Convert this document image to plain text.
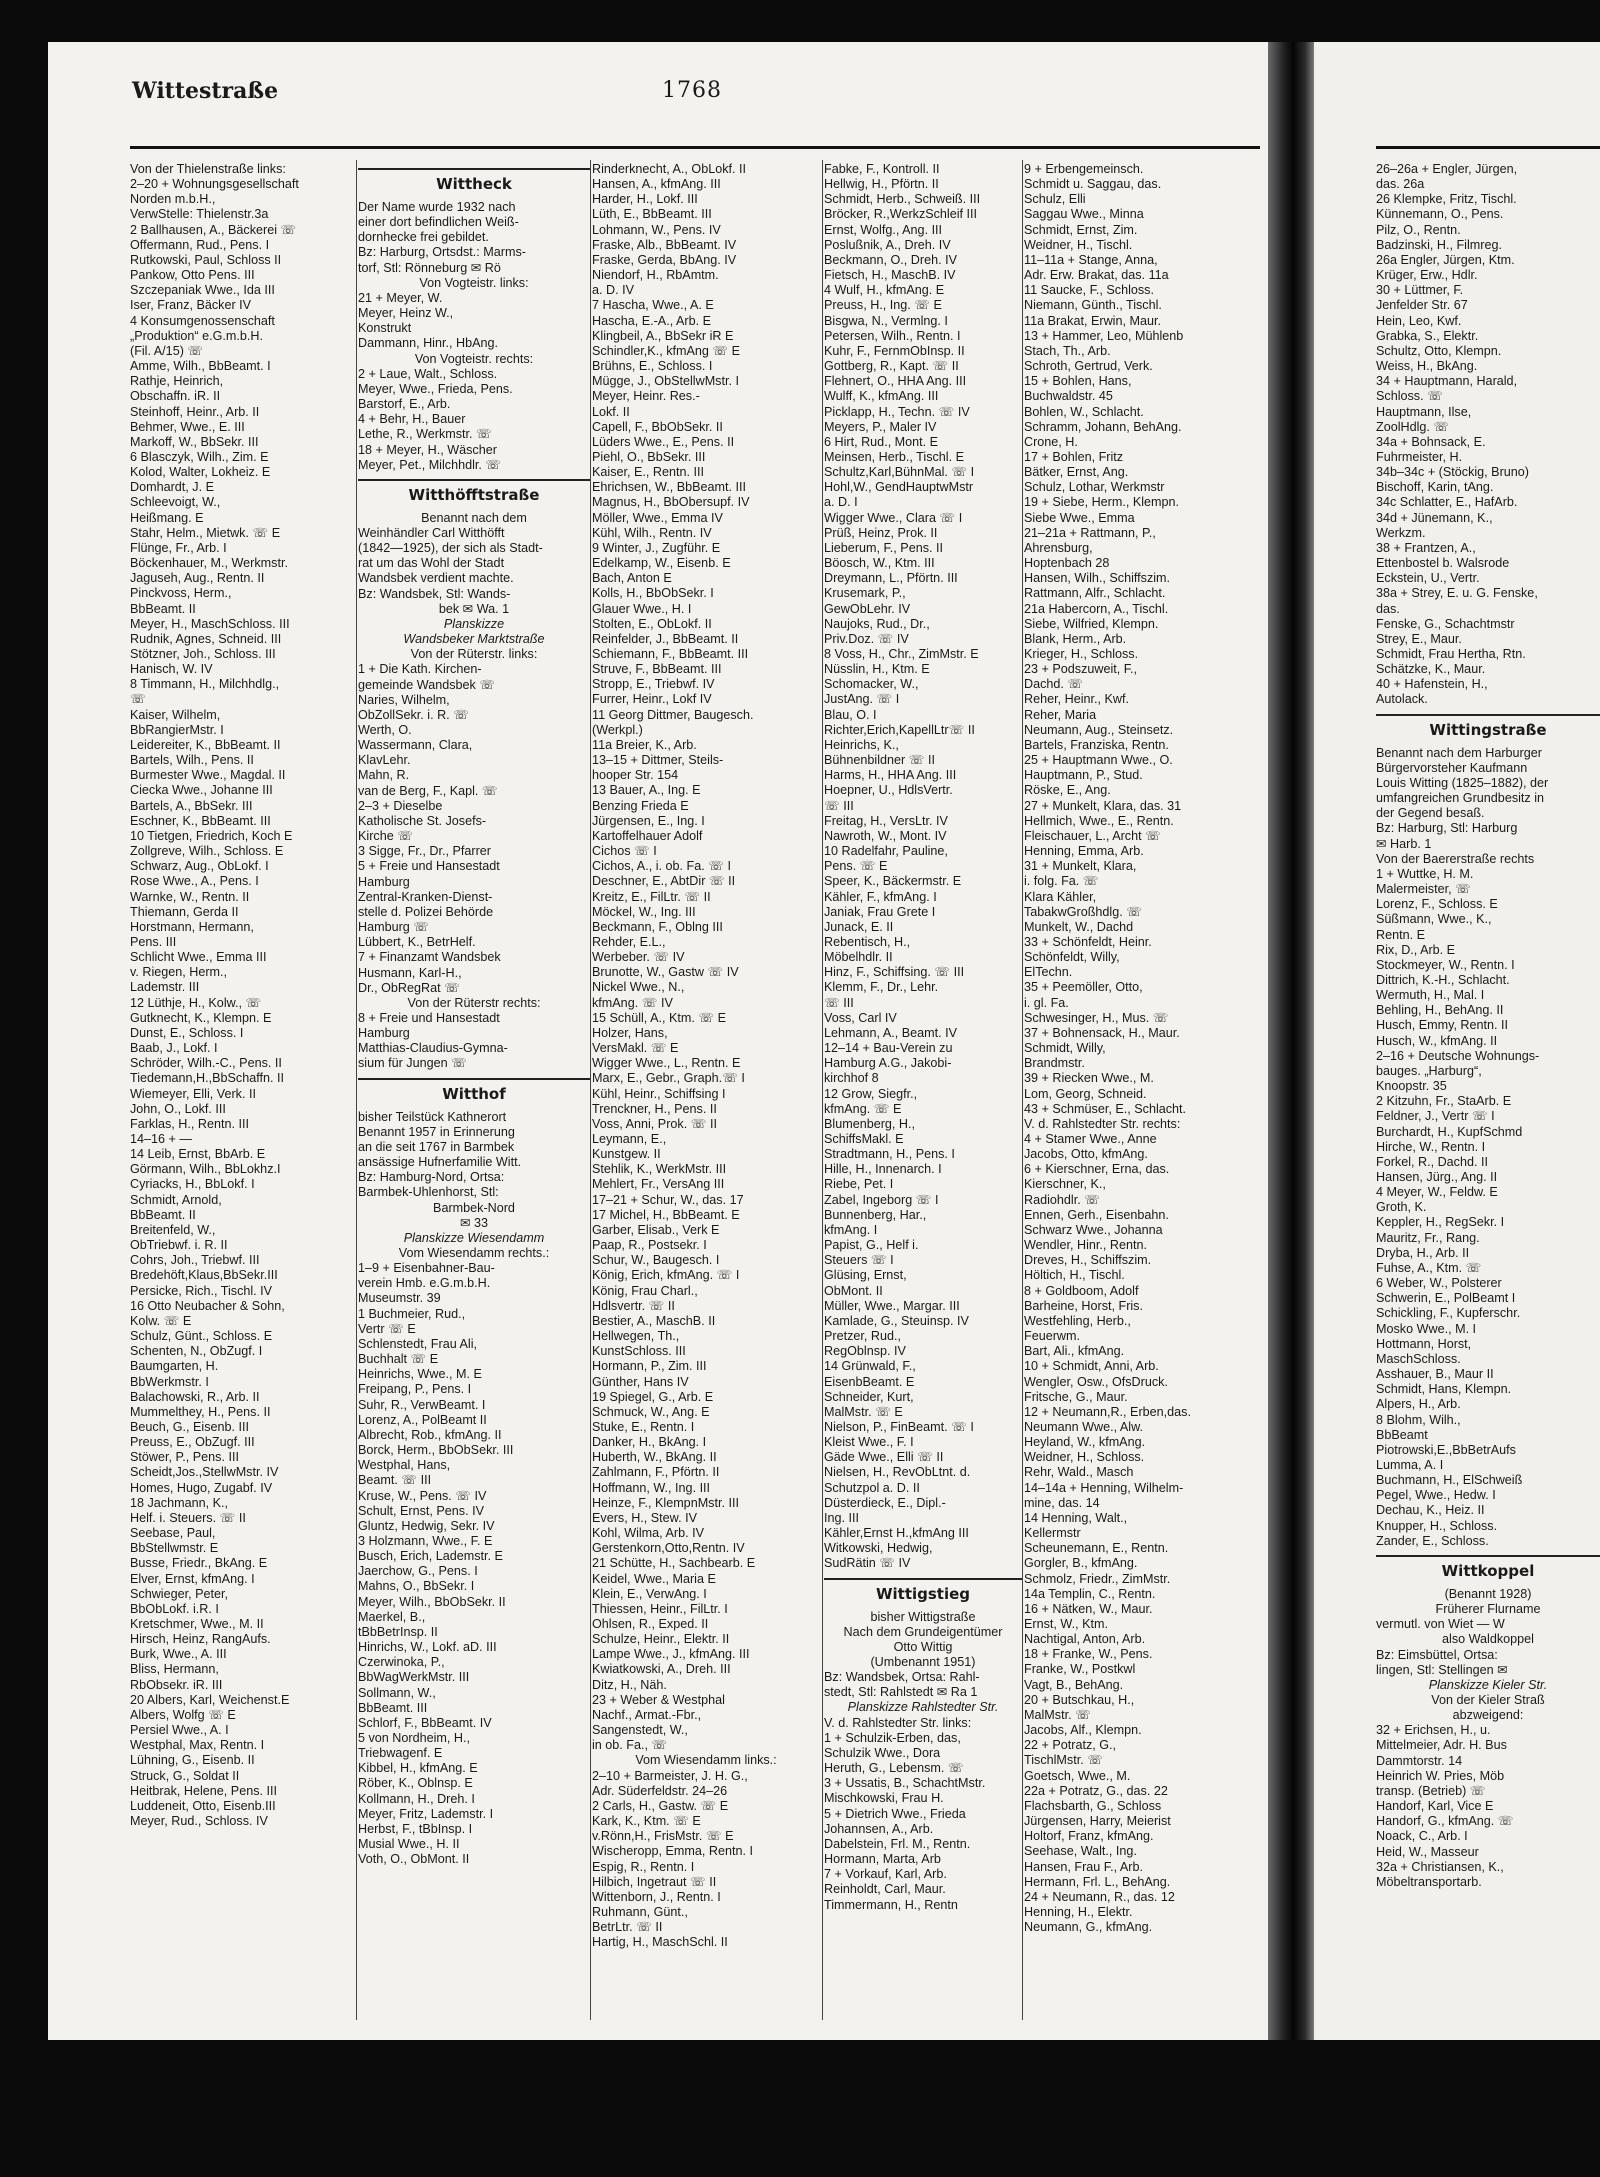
Wittestraße	1768

Von der Thielenstraße links:

2–20 + Wohnungsgesellschaft

Norden m.b.H.,

VerwStelle: Thielenstr.3a

2 Ballhausen, A., Bäckerei ☏

Offermann, Rud., Pens. I

Rutkowski, Paul, Schloss II

Pankow, Otto Pens. III

Szczepaniak Wwe., Ida III

Iser, Franz, Bäcker IV

4 Konsumgenossenschaft

„Produktion“ e.G.m.b.H.

(Fil. A/15) ☏

Amme, Wilh., BbBeamt. I

Rathje, Heinrich,

Obschaffn. iR. II

Steinhoff, Heinr., Arb. II

Behmer, Wwe., E. III

Markoff, W., BbSekr. III

6 Blasczyk, Wilh., Zim. E

Kolod, Walter, Lokheiz. E

Domhardt, J. E

Schleevoigt, W.,

Heißmang. E

Stahr, Helm., Mietwk. ☏ E

Flünge, Fr., Arb. I

Böckenhauer, M., Werkmstr.

Jaguseh, Aug., Rentn. II

Pinckvoss, Herm.,

BbBeamt. II

Meyer, H., MaschSchloss. III

Rudnik, Agnes, Schneid. III

Stötzner, Joh., Schloss. III

Hanisch, W. IV

8 Timmann, H., Milchhdlg.,

☏

Kaiser, Wilhelm,

BbRangierMstr. I

Leidereiter, K., BbBeamt. II

Bartels, Wilh., Pens. II

Burmester Wwe., Magdal. II

Ciecka Wwe., Johanne III

Bartels, A., BbSekr. III

Eschner, K., BbBeamt. III

10 Tietgen, Friedrich, Koch E

Zollgreve, Wilh., Schloss. E

Schwarz, Aug., ObLokf. I

Rose Wwe., A., Pens. I

Warnke, W., Rentn. II

Thiemann, Gerda II

Horstmann, Hermann,

Pens. III

Schlicht Wwe., Emma III

v. Riegen, Herm.,

Lademstr. III

12 Lüthje, H., Kolw., ☏

Gutknecht, K., Klempn. E

Dunst, E., Schloss. I

Baab, J., Lokf. I

Schröder, Wilh.-C., Pens. II

Tiedemann,H.,BbSchaffn. II

Wiemeyer, Elli, Verk. II

John, O., Lokf. III

Farklas, H., Rentn. III

14–16 + —

14 Leib, Ernst, BbArb. E

Görmann, Wilh., BbLokhz.I

Cyriacks, H., BbLokf. I

Schmidt, Arnold,

BbBeamt. II

Breitenfeld, W.,

ObTriebwf. i. R. II

Cohrs, Joh., Triebwf. III

Bredehöft,Klaus,BbSekr.III

Persicke, Rich., Tischl. IV

16 Otto Neubacher & Sohn,

Kolw. ☏ E

Schulz, Günt., Schloss. E

Schenten, N., ObZugf. I

Baumgarten, H.

BbWerkmstr. I

Balachowski, R., Arb. II

Mummelthey, H., Pens. II

Beuch, G., Eisenb. III

Preuss, E., ObZugf. III

Stöwer, P., Pens. III

Scheidt,Jos.,StellwMstr. IV

Homes, Hugo, Zugabf. IV

18 Jachmann, K.,

Helf. i. Steuers. ☏ II

Seebase, Paul,

BbStellwmstr. E

Busse, Friedr., BkAng. E

Elver, Ernst, kfmAng. I

Schwieger, Peter,

BbObLokf. i.R. I

Kretschmer, Wwe., M. II

Hirsch, Heinz, RangAufs.

Burk, Wwe., A. III

Bliss, Hermann,

RbObsekr. iR. III

20 Albers, Karl, Weichenst.E

Albers, Wolfg ☏ E

Persiel Wwe., A. I

Westphal, Max, Rentn. I

Lühning, G., Eisenb. II

Struck, G., Soldat II

Heitbrak, Helene, Pens. III

Luddeneit, Otto, Eisenb.III

Meyer, Rud., Schloss. IV

Wittheck

Der Name wurde 1932 nach

einer dort befindlichen Weiß-

dornhecke frei gebildet.

Bz: Harburg, Ortsdst.: Marms-

torf, Stl: Rönneburg ✉ Rö

Von Vogteistr. links:

21 + Meyer, W.

Meyer, Heinz W.,

Konstrukt

Dammann, Hinr., HbAng.

Von Vogteistr. rechts:

2 + Laue, Walt., Schloss.

Meyer, Wwe., Frieda, Pens.

Barstorf, E., Arb.

4 + Behr, H., Bauer

Lethe, R., Werkmstr. ☏

18 + Meyer, H., Wäscher

Meyer, Pet., Milchhdlr. ☏

Witthöfftstraße

Benannt nach dem

Weinhändler Carl Witthöfft

(1842—1925), der sich als Stadt-

rat um das Wohl der Stadt

Wandsbek verdient machte.

Bz: Wandsbek, Stl: Wands-

bek ✉ Wa. 1

Planskizze

Wandsbeker Marktstraße

Von der Rüterstr. links:

1 + Die Kath. Kirchen-

gemeinde Wandsbek ☏

Naries, Wilhelm,

ObZollSekr. i. R. ☏

Werth, O.

Wassermann, Clara,

KlavLehr.

Mahn, R.

van de Berg, F., Kapl. ☏

2–3 + Dieselbe

Katholische St. Josefs-

Kirche ☏

3 Sigge, Fr., Dr., Pfarrer

5 + Freie und Hansestadt

Hamburg

Zentral-Kranken-Dienst-

stelle d. Polizei Behörde

Hamburg ☏

Lübbert, K., BetrHelf.

7 + Finanzamt Wandsbek

Husmann, Karl-H.,

Dr., ObRegRat ☏

Von der Rüterstr rechts:

8 + Freie und Hansestadt

Hamburg

Matthias-Claudius-Gymna-

sium für Jungen ☏

Witthof

bisher Teilstück Kathnerort

Benannt 1957 in Erinnerung

an die seit 1767 in Barmbek

ansässige Hufnerfamilie Witt.

Bz: Hamburg-Nord, Ortsa:

Barmbek-Uhlenhorst, Stl:

Barmbek-Nord

✉ 33

Planskizze Wiesendamm

Vom Wiesendamm rechts.:

1–9 + Eisenbahner-Bau-

verein Hmb. e.G.m.b.H.

Museumstr. 39

1 Buchmeier, Rud.,

Vertr ☏ E

Schlenstedt, Frau Ali,

Buchhalt ☏ E

Heinrichs, Wwe., M. E

Freipang, P., Pens. I

Suhr, R., VerwBeamt. I

Lorenz, A., PolBeamt II

Albrecht, Rob., kfmAng. II

Borck, Herm., BbObSekr. III

Westphal, Hans,

Beamt. ☏ III

Kruse, W., Pens. ☏ IV

Schult, Ernst, Pens. IV

Gluntz, Hedwig, Sekr. IV

3 Holzmann, Wwe., F. E

Busch, Erich, Lademstr. E

Jaerchow, G., Pens. I

Mahns, O., BbSekr. I

Meyer, Wilh., BbObSekr. II

Maerkel, B.,

tBbBetrInsp. II

Hinrichs, W., Lokf. aD. III

Czerwinoka, P.,

BbWagWerkMstr. III

Sollmann, W.,

BbBeamt. III

Schlorf, F., BbBeamt. IV

5 von Nordheim, H.,

Triebwagenf. E

Kibbel, H., kfmAng. E

Röber, K., Oblnsp. E

Kollmann, H., Dreh. I

Meyer, Fritz, Lademstr. I

Herbst, F., tBbInsp. I

Musial Wwe., H. II

Voth, O., ObMont. II

Rinderknecht, A., ObLokf. II

Hansen, A., kfmAng. III

Harder, H., Lokf. III

Lüth, E., BbBeamt. III

Lohmann, W., Pens. IV

Fraske, Alb., BbBeamt. IV

Fraske, Gerda, BbAng. IV

Niendorf, H., RbAmtm.

a. D. IV

7 Hascha, Wwe., A. E

Hascha, E.-A., Arb. E

Klingbeil, A., BbSekr iR E

Schindler,K., kfmAng ☏ E

Brühns, E., Schloss. I

Mügge, J., ObStellwMstr. I

Meyer, Heinr. Res.-

Lokf. II

Capell, F., BbObSekr. II

Lüders Wwe., E., Pens. II

Piehl, O., BbSekr. III

Kaiser, E., Rentn. III

Ehrichsen, W., BbBeamt. III

Magnus, H., BbObersupf. IV

Möller, Wwe., Emma IV

Kühl, Wilh., Rentn. IV

9 Winter, J., Zugführ. E

Edelkamp, W., Eisenb. E

Bach, Anton E

Kolls, H., BbObSekr. I

Glauer Wwe., H. I

Stolten, E., ObLokf. II

Reinfelder, J., BbBeamt. II

Schiemann, F., BbBeamt. III

Struve, F., BbBeamt. III

Stropp, E., Triebwf. IV

Furrer, Heinr., Lokf IV

11 Georg Dittmer, Baugesch.

(Werkpl.)

11a Breier, K., Arb.

13–15 + Dittmer, Steils-

hooper Str. 154

13 Bauer, A., Ing. E

Benzing Frieda E

Jürgensen, E., Ing. I

Kartoffelhauer Adolf

Cichos ☏ I

Cichos, A., i. ob. Fa. ☏ I

Deschner, E., AbtDir ☏ II

Kreitz, E., FilLtr. ☏ II

Möckel, W., Ing. III

Beckmann, F., Oblng III

Rehder, E.L.,

Werbeber. ☏ IV

Brunotte, W., Gastw ☏ IV

Nickel Wwe., N.,

kfmAng. ☏ IV

15 Schüll, A., Ktm. ☏ E

Holzer, Hans,

VersMakl. ☏ E

Wigger Wwe., L., Rentn. E

Marx, E., Gebr., Graph.☏ I

Kühl, Heinr., Schiffsing I

Trenckner, H., Pens. II

Voss, Anni, Prok. ☏ II

Leymann, E.,

Kunstgew. II

Stehlik, K., WerkMstr. III

Mehlert, Fr., VersAng III

17–21 + Schur, W., das. 17

17 Michel, H., BbBeamt. E

Garber, Elisab., Verk E

Paap, R., Postsekr. I

Schur, W., Baugesch. I

König, Erich, kfmAng. ☏ I

König, Frau Charl.,

Hdlsvertr. ☏ II

Bestier, A., MaschB. II

Hellwegen, Th.,

KunstSchloss. III

Hormann, P., Zim. III

Günther, Hans IV

19 Spiegel, G., Arb. E

Schmuck, W., Ang. E

Stuke, E., Rentn. I

Danker, H., BkAng. I

Huberth, W., BkAng. II

Zahlmann, F., Pförtn. II

Hoffmann, W., Ing. III

Heinze, F., KlempnMstr. III

Evers, H., Stew. IV

Kohl, Wilma, Arb. IV

Gerstenkorn,Otto,Rentn. IV

21 Schütte, H., Sachbearb. E

Keidel, Wwe., Maria E

Klein, E., VerwAng. I

Thiessen, Heinr., FilLtr. I

Ohlsen, R., Exped. II

Schulze, Heinr., Elektr. II

Lampe Wwe., J., kfmAng. III

Kwiatkowski, A., Dreh. III

Ditz, H., Näh.

23 + Weber & Westphal

Nachf., Armat.-Fbr.,

Sangenstedt, W.,

in ob. Fa., ☏

Vom Wiesendamm links.:

2–10 + Barmeister, J. H. G.,

Adr. Süderfeldstr. 24–26

2 Carls, H., Gastw. ☏ E

Kark, K., Ktm. ☏ E

v.Rönn,H., FrisMstr. ☏ E

Wischeropp, Emma, Rentn. I

Espig, R., Rentn. I

Hilbich, Ingetraut ☏ II

Wittenborn, J., Rentn. I

Ruhmann, Günt.,

BetrLtr. ☏ II

Hartig, H., MaschSchl. II

Fabke, F., Kontroll. II

Hellwig, H., Pförtn. II

Schmidt, Herb., Schweiß. III

Bröcker, R.,WerkzSchleif III

Ernst, Wolfg., Ang. III

Poslußnik, A., Dreh. IV

Beckmann, O., Dreh. IV

Fietsch, H., MaschB. IV

4 Wulf, H., kfmAng. E

Preuss, H., Ing. ☏ E

Bisgwa, N., Vermlng. I

Petersen, Wilh., Rentn. I

Kuhr, F., FernmObInsp. II

Gottberg, R., Kapt. ☏ II

Flehnert, O., HHA Ang. III

Wulff, K., kfmAng. III

Picklapp, H., Techn. ☏ IV

Meyers, P., Maler IV

6 Hirt, Rud., Mont. E

Meinsen, Herb., Tischl. E

Schultz,Karl,BühnMal. ☏ I

Hohl,W., GendHauptwMstr

a. D. I

Wigger Wwe., Clara ☏ I

Prüß, Heinz, Prok. II

Lieberum, F., Pens. II

Böosch, W., Ktm. III

Dreymann, L., Pförtn. III

Krusemark, P.,

GewObLehr. IV

Naujoks, Rud., Dr.,

Priv.Doz. ☏ IV

8 Voss, H., Chr., ZimMstr. E

Nüsslin, H., Ktm. E

Schomacker, W.,

JustAng. ☏ I

Blau, O. I

Richter,Erich,KapellLtr☏ II

Heinrichs, K.,

Bühnenbildner ☏ II

Harms, H., HHA Ang. III

Hoepner, U., HdlsVertr.

☏ III

Freitag, H., VersLtr. IV

Nawroth, W., Mont. IV

10 Radelfahr, Pauline,

Pens. ☏ E

Speer, K., Bäckermstr. E

Kähler, F., kfmAng. I

Janiak, Frau Grete I

Junack, E. II

Rebentisch, H.,

Möbelhdlr. II

Hinz, F., Schiffsing. ☏ III

Klemm, F., Dr., Lehr.

☏ III

Voss, Carl IV

Lehmann, A., Beamt. IV

12–14 + Bau-Verein zu

Hamburg A.G., Jakobi-

kirchhof 8

12 Grow, Siegfr.,

kfmAng. ☏ E

Blumenberg, H.,

SchiffsMakl. E

Stradtmann, H., Pens. I

Hille, H., Innenarch. I

Riebe, Pet. I

Zabel, Ingeborg ☏ I

Bunnenberg, Har.,

kfmAng. I

Papist, G., Helf i.

Steuers ☏ I

Glüsing, Ernst,

ObMont. II

Müller, Wwe., Margar. III

Kamlade, G., Steuinsp. IV

Pretzer, Rud.,

RegOblnsp. IV

14 Grünwald, F.,

EisenbBeamt. E

Schneider, Kurt,

MalMstr. ☏ E

Nielson, P., FinBeamt. ☏ I

Kleist Wwe., F. I

Gäde Wwe., Elli ☏ II

Nielsen, H., RevObLtnt. d.

Schutzpol a. D. II

Düsterdieck, E., Dipl.-

Ing. III

Kähler,Ernst H.,kfmAng III

Witkowski, Hedwig,

SudRätin ☏ IV

Wittigstieg

bisher Wittigstraße

Nach dem Grundeigentümer

Otto Wittig

(Umbenannt 1951)

Bz: Wandsbek, Ortsa: Rahl-

stedt, Stl: Rahlstedt ✉ Ra 1

Planskizze Rahlstedter Str.

V. d. Rahlstedter Str. links:

1 + Schulzik-Erben, das,

Schulzik Wwe., Dora

Heruth, G., Lebensm. ☏

3 + Ussatis, B., SchachtMstr.

Mischkowski, Frau H.

5 + Dietrich Wwe., Frieda

Johannsen, A., Arb.

Dabelstein, Frl. M., Rentn.

Hormann, Marta, Arb

7 + Vorkauf, Karl, Arb.

Reinholdt, Carl, Maur.

Timmermann, H., Rentn

9 + Erbengemeinsch.

Schmidt u. Saggau, das.

Schulz, Elli

Saggau Wwe., Minna

Schmidt, Ernst, Zim.

Weidner, H., Tischl.

11–11a + Stange, Anna,

Adr. Erw. Brakat, das. 11a

11 Saucke, F., Schloss.

Niemann, Günth., Tischl.

11a Brakat, Erwin, Maur.

13 + Hammer, Leo, Mühlenb

Stach, Th., Arb.

Schroth, Gertrud, Verk.

15 + Bohlen, Hans,

Buchwaldstr. 45

Bohlen, W., Schlacht.

Schramm, Johann, BehAng.

Crone, H.

17 + Bohlen, Fritz

Bätker, Ernst, Ang.

Schulz, Lothar, Werkmstr

19 + Siebe, Herm., Klempn.

Siebe Wwe., Emma

21–21a + Rattmann, P.,

Ahrensburg,

Hoptenbach 28

Hansen, Wilh., Schiffszim.

Rattmann, Alfr., Schlacht.

21a Habercorn, A., Tischl.

Siebe, Wilfried, Klempn.

Blank, Herm., Arb.

Krieger, H., Schloss.

23 + Podszuweit, F.,

Dachd. ☏

Reher, Heinr., Kwf.

Reher, Maria

Neumann, Aug., Steinsetz.

Bartels, Franziska, Rentn.

25 + Hauptmann Wwe., O.

Hauptmann, P., Stud.

Röske, E., Ang.

27 + Munkelt, Klara, das. 31

Hellmich, Wwe., E., Rentn.

Fleischauer, L., Archt ☏

Henning, Emma, Arb.

31 + Munkelt, Klara,

i. folg. Fa. ☏

Klara Kähler,

TabakwGroßhdlg. ☏

Munkelt, W., Dachd

33 + Schönfeldt, Heinr.

Schönfeldt, Willy,

ElTechn.

35 + Peemöller, Otto,

i. gl. Fa.

Schwesinger, H., Mus. ☏

37 + Bohnensack, H., Maur.

Schmidt, Willy,

Brandmstr.

39 + Riecken Wwe., M.

Lom, Georg, Schneid.

43 + Schmüser, E., Schlacht.

V. d. Rahlstedter Str. rechts:

4 + Stamer Wwe., Anne

Jacobs, Otto, kfmAng.

6 + Kierschner, Erna, das.

Kierschner, K.,

Radiohdlr. ☏

Ennen, Gerh., Eisenbahn.

Schwarz Wwe., Johanna

Wendler, Hinr., Rentn.

Dreves, H., Schiffszim.

Höltich, H., Tischl.

8 + Goldboom, Adolf

Barheine, Horst, Fris.

Westfehling, Herb.,

Feuerwm.

Bart, Ali., kfmAng.

10 + Schmidt, Anni, Arb.

Wengler, Osw., OfsDruck.

Fritsche, G., Maur.

12 + Neumann,R., Erben,das.

Neumann Wwe., Alw.

Heyland, W., kfmAng.

Weidner, H., Schloss.

Rehr, Wald., Masch

14–14a + Henning, Wilhelm-

mine, das. 14

14 Henning, Walt.,

Kellermstr

Scheunemann, E., Rentn.

Gorgler, B., kfmAng.

Schmolz, Friedr., ZimMstr.

14a Templin, C., Rentn.

16 + Nätken, W., Maur.

Ernst, W., Ktm.

Nachtigal, Anton, Arb.

18 + Franke, W., Pens.

Franke, W., Postkwl

Vagt, B., BehAng.

20 + Butschkau, H.,

MalMstr. ☏

Jacobs, Alf., Klempn.

22 + Potratz, G.,

TischlMstr. ☏

Goetsch, Wwe., M.

22a + Potratz, G., das. 22

Flachsbarth, G., Schloss

Jürgensen, Harry, Meierist

Holtorf, Franz, kfmAng.

Seehase, Walt., Ing.

Hansen, Frau F., Arb.

Hermann, Frl. L., BehAng.

24 + Neumann, R., das. 12

Henning, H., Elektr.

Neumann, G., kfmAng.

26–26a + Engler, Jürgen,

das. 26a

26 Klempke, Fritz, Tischl.

Künnemann, O., Pens.

Pilz, O., Rentn.

Badzinski, H., Filmreg.

26a Engler, Jürgen, Ktm.

Krüger, Erw., Hdlr.

30 + Lüttmer, F.

Jenfelder Str. 67

Hein, Leo, Kwf.

Grabka, S., Elektr.

Schultz, Otto, Klempn.

Weiss, H., BkAng.

34 + Hauptmann, Harald,

Schloss. ☏

Hauptmann, Ilse,

ZoolHdlg. ☏

34a + Bohnsack, E.

Fuhrmeister, H.

34b–34c + (Stöckig, Bruno)

Bischoff, Karin, tAng.

34c Schlatter, E., HafArb.

34d + Jünemann, K.,

Werkzm.

38 + Frantzen, A.,

Ettenbostel b. Walsrode

Eckstein, U., Vertr.

38a + Strey, E. u. G. Fenske,

das.

Fenske, G., Schachtmstr

Strey, E., Maur.

Schmidt, Frau Hertha, Rtn.

Schätzke, K., Maur.

40 + Hafenstein, H.,

Autolack.

Wittingstraße

Benannt nach dem Harburger

Bürgervorsteher Kaufmann

Louis Witting (1825–1882), der

umfangreichen Grundbesitz in

der Gegend besaß.

Bz: Harburg, Stl: Harburg

✉ Harb. 1

Von der Baererstraße rechts

1 + Wuttke, H. M.

Malermeister, ☏

Lorenz, F., Schloss. E

Süßmann, Wwe., K.,

Rentn. E

Rix, D., Arb. E

Stockmeyer, W., Rentn. I

Dittrich, K.-H., Schlacht.

Wermuth, H., Mal. I

Behling, H., BehAng. II

Husch, Emmy, Rentn. II

Husch, W., kfmAng. II

2–16 + Deutsche Wohnungs-

bauges. „Harburg“,

Knoopstr. 35

2 Kitzuhn, Fr., StaArb. E

Feldner, J., Vertr ☏ I

Burchardt, H., KupfSchmd

Hirche, W., Rentn. I

Forkel, R., Dachd. II

Hansen, Jürg., Ang. II

4 Meyer, W., Feldw. E

Groth, K.

Keppler, H., RegSekr. I

Mauritz, Fr., Rang.

Dryba, H., Arb. II

Fuhse, A., Ktm. ☏

6 Weber, W., Polsterer

Schwerin, E., PolBeamt I

Schickling, F., Kupferschr.

Mosko Wwe., M. I

Hottmann, Horst,

MaschSchloss.

Asshauer, B., Maur II

Schmidt, Hans, Klempn.

Alpers, H., Arb.

8 Blohm, Wilh.,

BbBeamt

Piotrowski,E.,BbBetrAufs

Lumma, A. I

Buchmann, H., ElSchweiß

Pegel, Wwe., Hedw. I

Dechau, K., Heiz. II

Knupper, H., Schloss.

Zander, E., Schloss.

Wittkoppel

(Benannt 1928)

Früherer Flurname

vermutl. von Wiet — W

also Waldkoppel

Bz: Eimsbüttel, Ortsa:

lingen, Stl: Stellingen ✉

Planskizze Kieler Str.

Von der Kieler Straß

abzweigend:

32 + Erichsen, H., u.

Mittelmeier, Adr. H. Bus

Dammtorstr. 14

Heinrich W. Pries, Möb

transp. (Betrieb) ☏

Handorf, Karl, Vice E

Handorf, G., kfmAng. ☏

Noack, C., Arb. I

Heid, W., Masseur

32a + Christiansen, K.,

Möbeltransportarb.
